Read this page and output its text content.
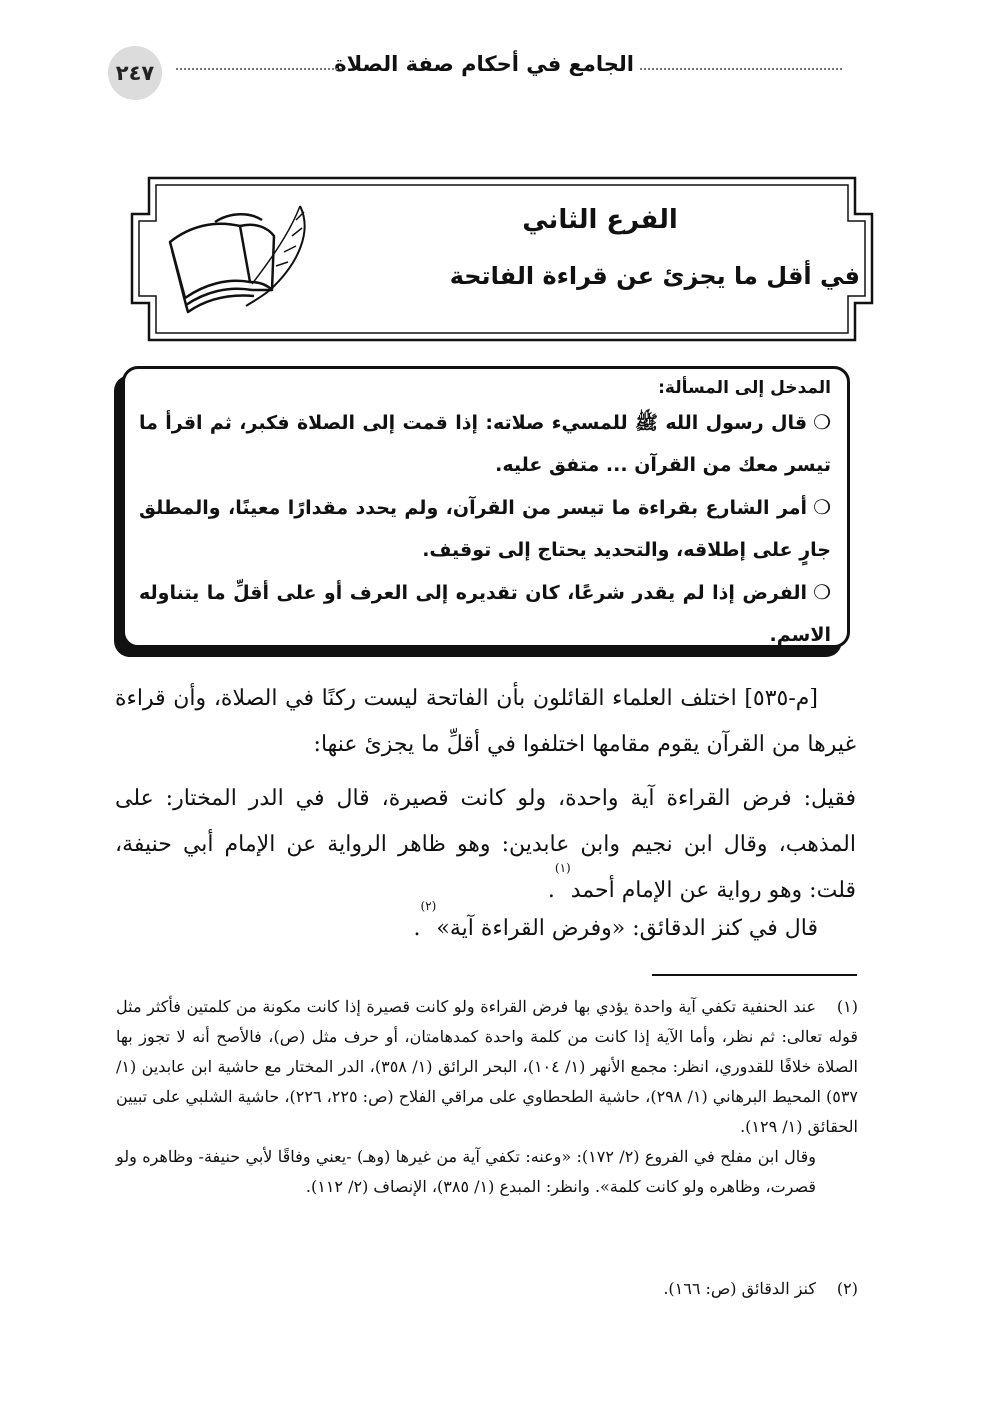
الجامع في أحكام صفة الصلاة
٢٤٧
الفرع الثاني
في أقل ما يجزئ عن قراءة الفاتحة
المدخل إلى المسألة:
❍قال رسول الله ﷺ للمسيء صلاته: إذا قمت إلى الصلاة فكبر، ثم اقرأ ما تيسر معك من القرآن ... متفق عليه.
❍أمر الشارع بقراءة ما تيسر من القرآن، ولم يحدد مقدارًا معينًا، والمطلق جارٍ على إطلاقه، والتحديد يحتاج إلى توقيف.
❍الفرض إذا لم يقدر شرعًا، كان تقديره إلى العرف أو على أقلِّ ما يتناوله الاسم.
[م-٥٣٥] اختلف العلماء القائلون بأن الفاتحة ليست ركنًا في الصلاة، وأن قراءة غيرها من القرآن يقوم مقامها اختلفوا في أقلِّ ما يجزئ عنها:
فقيل: فرض القراءة آية واحدة، ولو كانت قصيرة، قال في الدر المختار: على المذهب، وقال ابن نجيم وابن عابدين: وهو ظاهر الرواية عن الإمام أبي حنيفة، قلت: وهو رواية عن الإمام أحمد$^{(١)}$.
قال في كنز الدقائق: «وفرض القراءة آية»$^{(٢)}$.
(١)عند الحنفية تكفي آية واحدة يؤدي بها فرض القراءة ولو كانت قصيرة إذا كانت مكونة من كلمتين فأكثر مثل قوله تعالى: ثم نظر، وأما الآية إذا كانت من كلمة واحدة كمدهامتان، أو حرف مثل (ص)، فالأصح أنه لا تجوز بها الصلاة خلافًا للقدوري، انظر: مجمع الأنهر (١/ ١٠٤)، البحر الرائق (١/ ٣٥٨)، الدر المختار مع حاشية ابن عابدين (١/ ٥٣٧) المحيط البرهاني (١/ ٢٩٨)، حاشية الطحطاوي على مراقي الفلاح (ص: ٢٢٥، ٢٢٦)، حاشية الشلبي على تبيين الحقائق (١/ ١٢٩).
وقال ابن مفلح في الفروع (٢/ ١٧٢): «وعنه: تكفي آية من غيرها (وهـ) -يعني وفاقًا لأبي حنيفة- وظاهره ولو قصرت، وظاهره ولو كانت كلمة». وانظر: المبدع (١/ ٣٨٥)، الإنصاف (٢/ ١١٢).
(٢)كنز الدقائق (ص: ١٦٦).
